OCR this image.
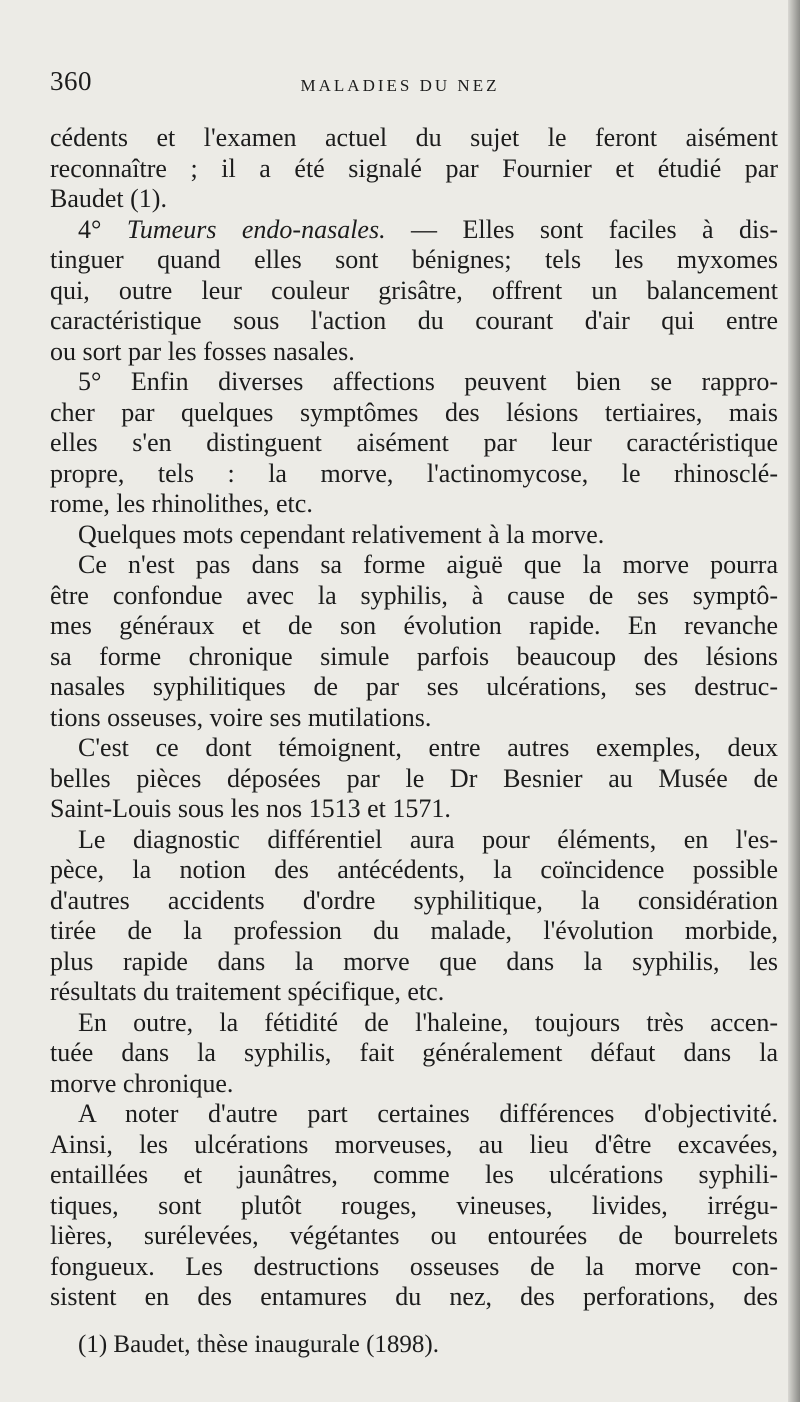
360	MALADIES DU NEZ
cédents et l'examen actuel du sujet le feront aisément
reconnaître ; il a été signalé par Fournier et étudié par
Baudet (1).
4° Tumeurs endo-nasales. — Elles sont faciles à dis-
tinguer quand elles sont bénignes; tels les myxomes
qui, outre leur couleur grisâtre, offrent un balancement
caractéristique sous l'action du courant d'air qui entre
ou sort par les fosses nasales.
5° Enfin diverses affections peuvent bien se rappro-
cher par quelques symptômes des lésions tertiaires, mais
elles s'en distinguent aisément par leur caractéristique
propre, tels : la morve, l'actinomycose, le rhinosclé-
rome, les rhinolithes, etc.
Quelques mots cependant relativement à la morve.
Ce n'est pas dans sa forme aiguë que la morve pourra
être confondue avec la syphilis, à cause de ses symptô-
mes généraux et de son évolution rapide. En revanche
sa forme chronique simule parfois beaucoup des lésions
nasales syphilitiques de par ses ulcérations, ses destruc-
tions osseuses, voire ses mutilations.
C'est ce dont témoignent, entre autres exemples, deux
belles pièces déposées par le Dr Besnier au Musée de
Saint-Louis sous les nos 1513 et 1571.
Le diagnostic différentiel aura pour éléments, en l'es-
pèce, la notion des antécédents, la coïncidence possible
d'autres accidents d'ordre syphilitique, la considération
tirée de la profession du malade, l'évolution morbide,
plus rapide dans la morve que dans la syphilis, les
résultats du traitement spécifique, etc.
En outre, la fétidité de l'haleine, toujours très accen-
tuée dans la syphilis, fait généralement défaut dans la
morve chronique.
A noter d'autre part certaines différences d'objectivité.
Ainsi, les ulcérations morveuses, au lieu d'être excavées,
entaillées et jaunâtres, comme les ulcérations syphili-
tiques, sont plutôt rouges, vineuses, livides, irrégu-
lières, surélevées, végétantes ou entourées de bourrelets
fongueux. Les destructions osseuses de la morve con-
sistent en des entamures du nez, des perforations, des
(1) Baudet, thèse inaugurale (1898).
